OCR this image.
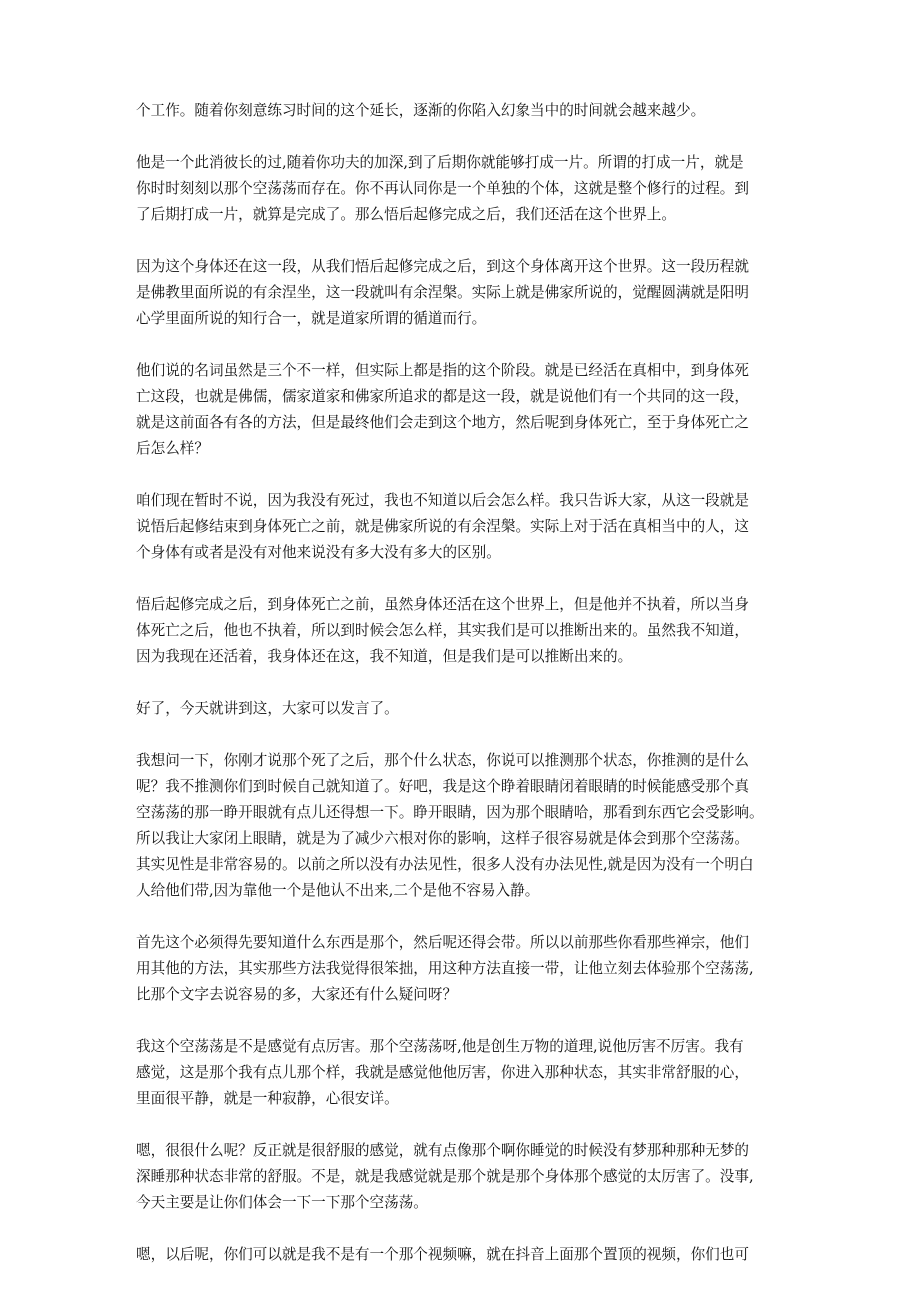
个工作。随着你刻意练习时间的这个延长，逐渐的你陷入幻象当中的时间就会越来越少。
他是一个此消彼长的过,随着你功夫的加深,到了后期你就能够打成一片。所谓的打成一片，就是
你时时刻刻以那个空荡荡而存在。你不再认同你是一个单独的个体，这就是整个修行的过程。到
了后期打成一片，就算是完成了。那么悟后起修完成之后，我们还活在这个世界上。
因为这个身体还在这一段，从我们悟后起修完成之后，到这个身体离开这个世界。这一段历程就
是佛教里面所说的有余涅坐，这一段就叫有余涅槃。实际上就是佛家所说的，觉醒圆满就是阳明
心学里面所说的知行合一，就是道家所谓的循道而行。
他们说的名词虽然是三个不一样，但实际上都是指的这个阶段。就是已经活在真相中，到身体死
亡这段，也就是佛儒，儒家道家和佛家所追求的都是这一段，就是说他们有一个共同的这一段，
就是这前面各有各的方法，但是最终他们会走到这个地方，然后呢到身体死亡，至于身体死亡之
后怎么样？
咱们现在暂时不说，因为我没有死过，我也不知道以后会怎么样。我只告诉大家，从这一段就是
说悟后起修结束到身体死亡之前，就是佛家所说的有余涅槃。实际上对于活在真相当中的人，这
个身体有或者是没有对他来说没有多大没有多大的区别。
悟后起修完成之后，到身体死亡之前，虽然身体还活在这个世界上，但是他并不执着，所以当身
体死亡之后，他也不执着，所以到时候会怎么样，其实我们是可以推断出来的。虽然我不知道，
因为我现在还活着，我身体还在这，我不知道，但是我们是可以推断出来的。
好了，今天就讲到这，大家可以发言了。
我想问一下，你刚才说那个死了之后，那个什么状态，你说可以推测那个状态，你推测的是什么
呢？我不推测你们到时候自己就知道了。好吧，我是这个睁着眼睛闭着眼睛的时候能感受那个真
空荡荡的那一睁开眼就有点儿还得想一下。睁开眼睛，因为那个眼睛哈，那看到东西它会受影响。
所以我让大家闭上眼睛，就是为了减少六根对你的影响，这样子很容易就是体会到那个空荡荡。
其实见性是非常容易的。以前之所以没有办法见性，很多人没有办法见性,就是因为没有一个明白
人给他们带,因为靠他一个是他认不出来,二个是他不容易入静。
首先这个必须得先要知道什么东西是那个，然后呢还得会带。所以以前那些你看那些禅宗，他们
用其他的方法，其实那些方法我觉得很笨拙，用这种方法直接一带，让他立刻去体验那个空荡荡,
比那个文字去说容易的多，大家还有什么疑问呀？
我这个空荡荡是不是感觉有点厉害。那个空荡荡呀,他是创生万物的道理,说他厉害不厉害。我有
感觉，这是那个我有点儿那个样，我就是感觉他他厉害，你进入那种状态，其实非常舒服的心，
里面很平静，就是一种寂静，心很安详。
嗯，很很什么呢？反正就是很舒服的感觉，就有点像那个啊你睡觉的时候没有梦那种那种无梦的
深睡那种状态非常的舒服。不是，就是我感觉就是那个就是那个身体那个感觉的太厉害了。没事,
今天主要是让你们体会一下一下那个空荡荡。
嗯，以后呢，你们可以就是我不是有一个那个视频嘛，就在抖音上面那个置顶的视频，你们也可
